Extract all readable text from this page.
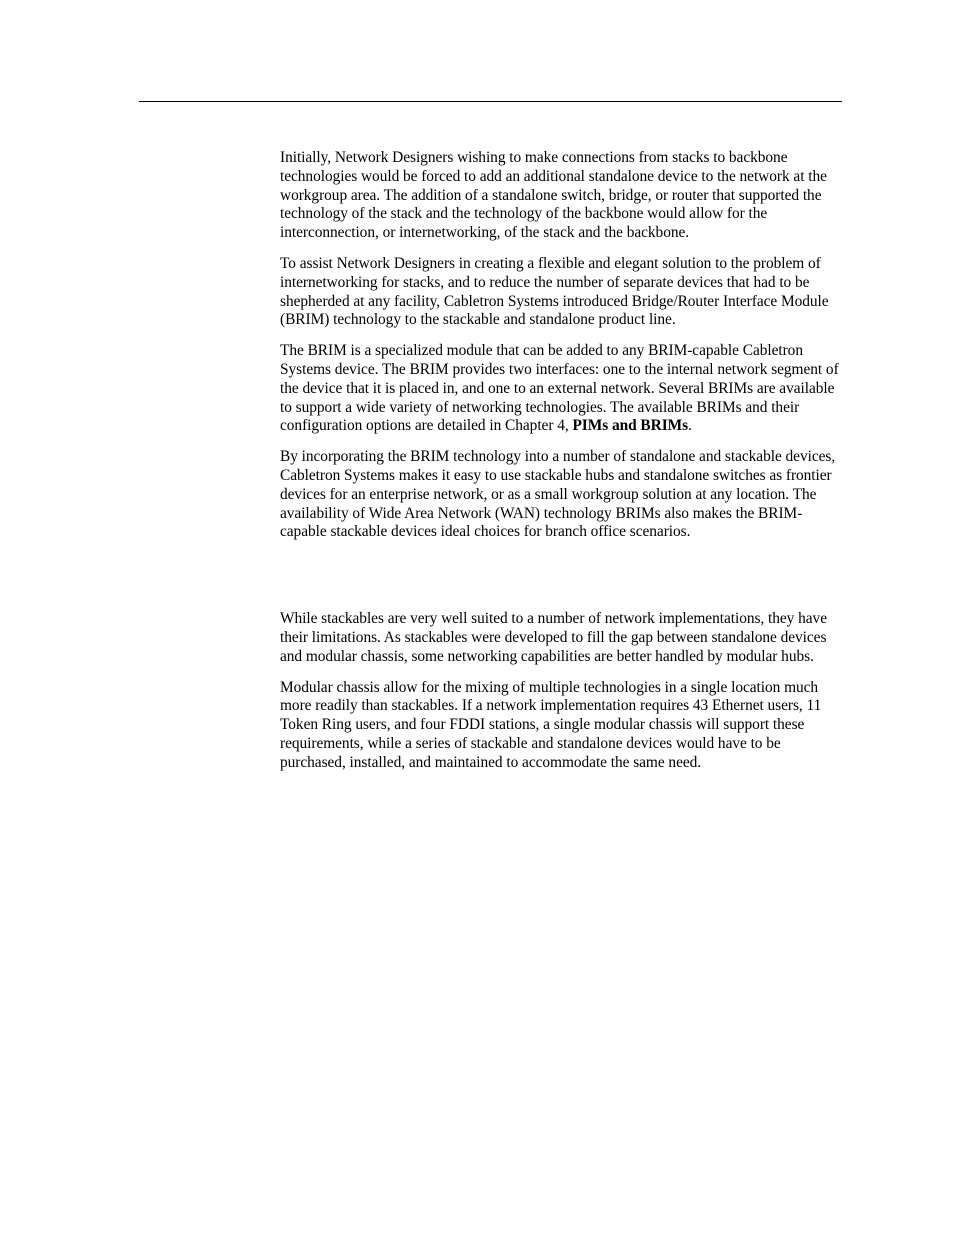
Initially, Network Designers wishing to make connections from stacks to backbone technologies would be forced to add an additional standalone device to the network at the workgroup area. The addition of a standalone switch, bridge, or router that supported the technology of the stack and the technology of the backbone would allow for the interconnection, or internetworking, of the stack and the backbone.

To assist Network Designers in creating a flexible and elegant solution to the problem of internetworking for stacks, and to reduce the number of separate devices that had to be shepherded at any facility, Cabletron Systems introduced Bridge/Router Interface Module (BRIM) technology to the stackable and standalone product line.

The BRIM is a specialized module that can be added to any BRIM-capable Cabletron Systems device. The BRIM provides two interfaces: one to the internal network segment of the device that it is placed in, and one to an external network. Several BRIMs are available to support a wide variety of networking technologies. The available BRIMs and their configuration options are detailed in Chapter 4, PIMs and BRIMs.

By incorporating the BRIM technology into a number of standalone and stackable devices, Cabletron Systems makes it easy to use stackable hubs and standalone switches as frontier devices for an enterprise network, or as a small workgroup solution at any location. The availability of Wide Area Network (WAN) technology BRIMs also makes the BRIM-capable stackable devices ideal choices for branch office scenarios.

While stackables are very well suited to a number of network implementations, they have their limitations. As stackables were developed to fill the gap between standalone devices and modular chassis, some networking capabilities are better handled by modular hubs.

Modular chassis allow for the mixing of multiple technologies in a single location much more readily than stackables. If a network implementation requires 43 Ethernet users, 11 Token Ring users, and four FDDI stations, a single modular chassis will support these requirements, while a series of stackable and standalone devices would have to be purchased, installed, and maintained to accommodate the same need.
